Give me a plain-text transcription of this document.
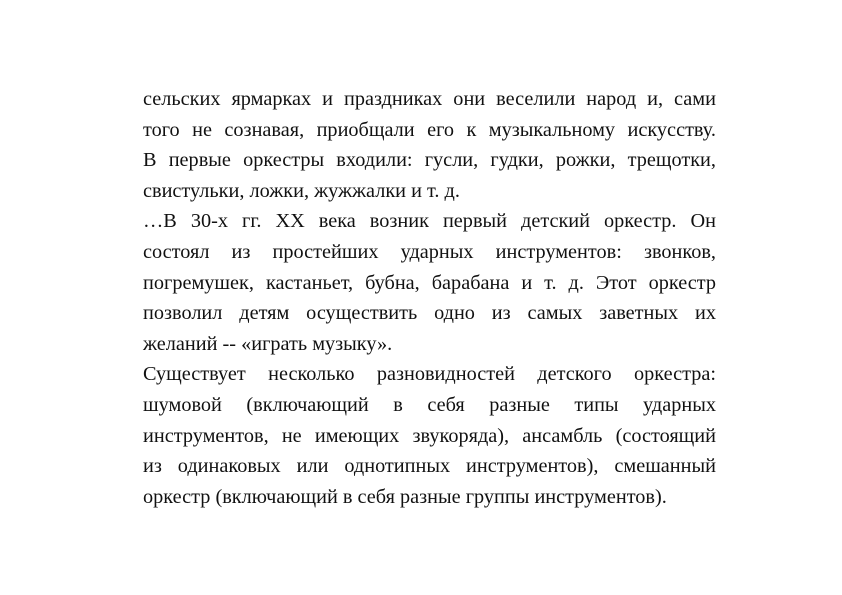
сельских ярмарках и праздниках они веселили народ и, сами
того не сознавая, приобщали его к музыкальному искусству.
В первые оркестры входили: гусли, гудки, рожки, трещотки,
свистульки, ложки, жужжалки и т. д.
…В 30-х гг. XX века возник первый детский оркестр. Он
состоял из простейших ударных инструментов: звонков,
погремушек, кастаньет, бубна, барабана и т. д. Этот оркестр
позволил детям осуществить одно из самых заветных их
желаний -- «играть музыку».
Существует несколько разновидностей детского оркестра:
шумовой (включающий в себя разные типы ударных
инструментов, не имеющих звукоряда), ансамбль (состоящий
из одинаковых или однотипных инструментов), смешанный
оркестр (включающий в себя разные группы инструментов).
